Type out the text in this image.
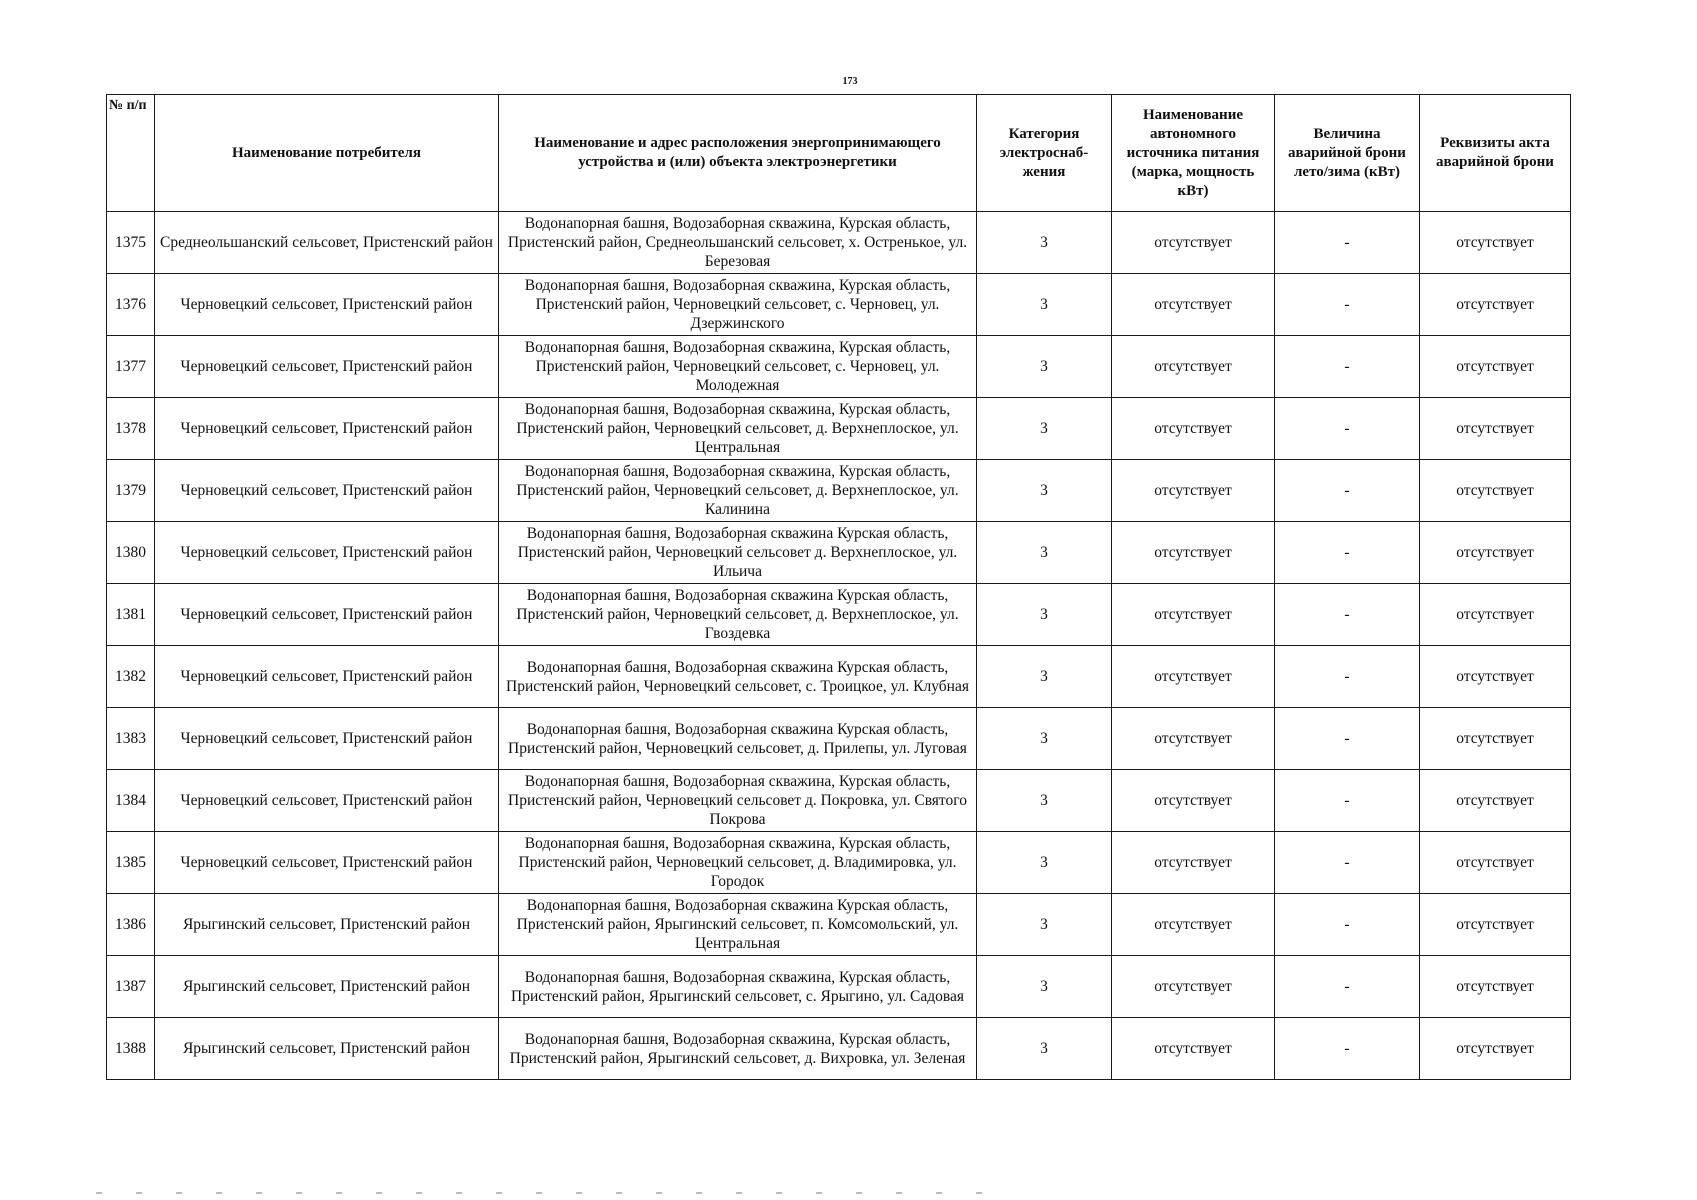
173
№ п/п	Наименование потребителя	Наименование и адрес расположения энергопринимающего устройства и (или) объекта электроэнергетики	Категория электроснаб-жения	Наименование автономного источника питания (марка, мощность кВт)	Величина аварийной брони лето/зима (кВт)	Реквизиты акта аварийной брони
1375	Среднеольшанский сельсовет, Пристенский район	Водонапорная башня, Водозаборная скважина, Курская область, Пристенский район, Среднеольшанский сельсовет, х. Остренькое, ул. Березовая	3	отсутствует	-	отсутствует
1376	Черновецкий сельсовет, Пристенский район	Водонапорная башня, Водозаборная скважина, Курская область, Пристенский район, Черновецкий сельсовет, с. Черновец, ул. Дзержинского	3	отсутствует	-	отсутствует
1377	Черновецкий сельсовет, Пристенский район	Водонапорная башня, Водозаборная скважина, Курская область, Пристенский район, Черновецкий сельсовет, с. Черновец, ул. Молодежная	3	отсутствует	-	отсутствует
1378	Черновецкий сельсовет, Пристенский район	Водонапорная башня, Водозаборная скважина, Курская область, Пристенский район, Черновецкий сельсовет, д. Верхнеплоское, ул. Центральная	3	отсутствует	-	отсутствует
1379	Черновецкий сельсовет, Пристенский район	Водонапорная башня, Водозаборная скважина, Курская область, Пристенский район, Черновецкий сельсовет, д. Верхнеплоское, ул. Калинина	3	отсутствует	-	отсутствует
1380	Черновецкий сельсовет, Пристенский район	Водонапорная башня, Водозаборная скважина Курская область, Пристенский район, Черновецкий сельсовет д. Верхнеплоское, ул. Ильича	3	отсутствует	-	отсутствует
1381	Черновецкий сельсовет, Пристенский район	Водонапорная башня, Водозаборная скважина Курская область, Пристенский район, Черновецкий сельсовет, д. Верхнеплоское, ул. Гвоздевка	3	отсутствует	-	отсутствует
1382	Черновецкий сельсовет, Пристенский район	Водонапорная башня, Водозаборная скважина Курская область, Пристенский район, Черновецкий сельсовет, с. Троицкое, ул. Клубная	3	отсутствует	-	отсутствует
1383	Черновецкий сельсовет, Пристенский район	Водонапорная башня, Водозаборная скважина Курская область, Пристенский район, Черновецкий сельсовет, д. Прилепы, ул. Луговая	3	отсутствует	-	отсутствует
1384	Черновецкий сельсовет, Пристенский район	Водонапорная башня, Водозаборная скважина, Курская область, Пристенский район, Черновецкий сельсовет д. Покровка, ул. Святого Покрова	3	отсутствует	-	отсутствует
1385	Черновецкий сельсовет, Пристенский район	Водонапорная башня, Водозаборная скважина, Курская область, Пристенский район, Черновецкий сельсовет, д. Владимировка, ул. Городок	3	отсутствует	-	отсутствует
1386	Ярыгинский сельсовет, Пристенский район	Водонапорная башня, Водозаборная скважина Курская область, Пристенский район, Ярыгинский сельсовет, п. Комсомольский, ул. Центральная	3	отсутствует	-	отсутствует
1387	Ярыгинский сельсовет, Пристенский район	Водонапорная башня, Водозаборная скважина, Курская область, Пристенский район, Ярыгинский сельсовет, с. Ярыгино, ул. Садовая	3	отсутствует	-	отсутствует
1388	Ярыгинский сельсовет, Пристенский район	Водонапорная башня, Водозаборная скважина, Курская область, Пристенский район, Ярыгинский сельсовет, д. Вихровка, ул. Зеленая	3	отсутствует	-	отсутствует
